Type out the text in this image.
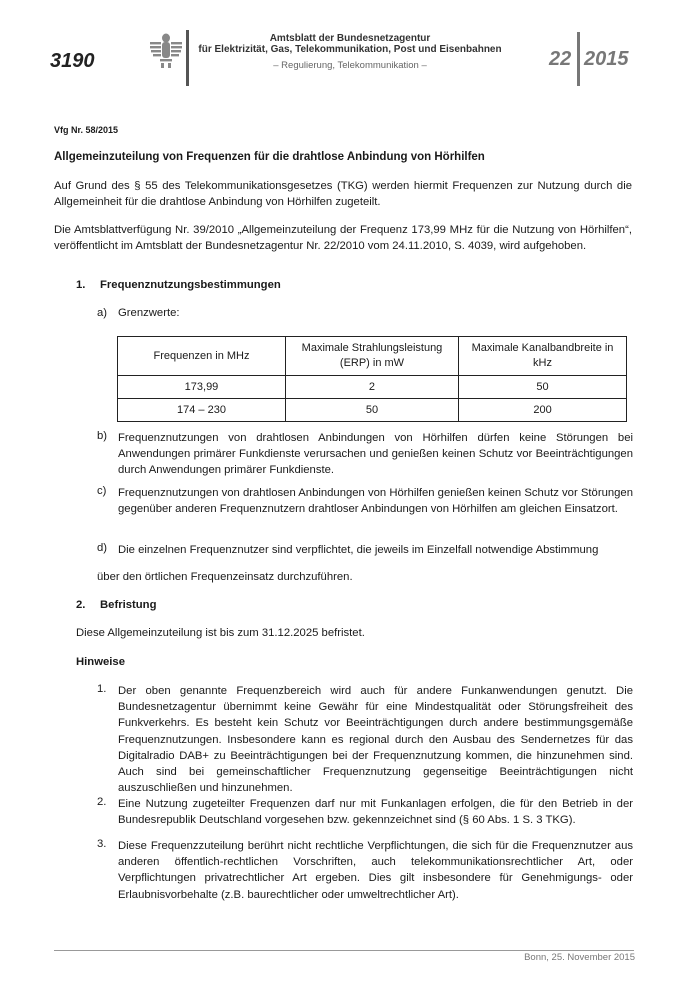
3190
Amtsblatt der Bundesnetzagentur
für Elektrizität, Gas, Telekommunikation, Post und Eisenbahnen
– Regulierung, Telekommunikation –	22 2015
Vfg Nr. 58/2015
Allgemeinzuteilung von Frequenzen für die drahtlose Anbindung von Hörhilfen
Auf Grund des § 55 des Telekommunikationsgesetzes (TKG) werden hiermit Frequenzen zur Nutzung durch die Allgemeinheit für die drahtlose Anbindung von Hörhilfen zugeteilt.
Die Amtsblattverfügung Nr. 39/2010 „Allgemeinzuteilung der Frequenz 173,99 MHz für die Nutzung von Hörhilfen“, veröffentlicht im Amtsblatt der Bundesnetzagentur Nr. 22/2010 vom 24.11.2010, S. 4039, wird aufgehoben.
1. Frequenznutzungsbestimmungen
a) Grenzwerte:
Frequenzen in MHz	Maximale Strahlungsleistung (ERP) in mW	Maximale Kanalbandbreite in kHz
173,99	2	50
174 – 230	50	200
b) Frequenznutzungen von drahtlosen Anbindungen von Hörhilfen dürfen keine Störungen bei Anwendungen primärer Funkdienste verursachen und genießen keinen Schutz vor Beeinträchtigungen durch Anwendungen primärer Funkdienste.
c) Frequenznutzungen von drahtlosen Anbindungen von Hörhilfen genießen keinen Schutz vor Störungen gegenüber anderen Frequenznutzern drahtloser Anbindungen von Hörhilfen am gleichen Einsatzort.
d) Die einzelnen Frequenznutzer sind verpflichtet, die jeweils im Einzelfall notwendige Abstimmung
über den örtlichen Frequenzeinsatz durchzuführen.
2. Befristung
Diese Allgemeinzuteilung ist bis zum 31.12.2025 befristet.
Hinweise
1. Der oben genannte Frequenzbereich wird auch für andere Funkanwendungen genutzt. Die Bundesnetzagentur übernimmt keine Gewähr für eine Mindestqualität oder Störungsfreiheit des Funkverkehrs. Es besteht kein Schutz vor Beeinträchtigungen durch andere bestimmungsgemäße Frequenznutzungen. Insbesondere kann es regional durch den Ausbau des Sendernetzes für das Digitalradio DAB+ zu Beeinträchtigungen bei der Frequenznutzung kommen, die hinzunehmen sind. Auch sind bei gemeinschaftlicher Frequenznutzung gegenseitige Beeinträchtigungen nicht auszuschließen und hinzunehmen.
2. Eine Nutzung zugeteilter Frequenzen darf nur mit Funkanlagen erfolgen, die für den Betrieb in der Bundesrepublik Deutschland vorgesehen bzw. gekennzeichnet sind (§ 60 Abs. 1 S. 3 TKG).
3. Diese Frequenzzuteilung berührt nicht rechtliche Verpflichtungen, die sich für die Frequenznutzer aus anderen öffentlich-rechtlichen Vorschriften, auch telekommunikationsrechtlicher Art, oder Verpflichtungen privatrechtlicher Art ergeben. Dies gilt insbesondere für Genehmigungs- oder Erlaubnisvorbehalte (z.B. baurechtlicher oder umweltrechtlicher Art).
Bonn, 25. November 2015
